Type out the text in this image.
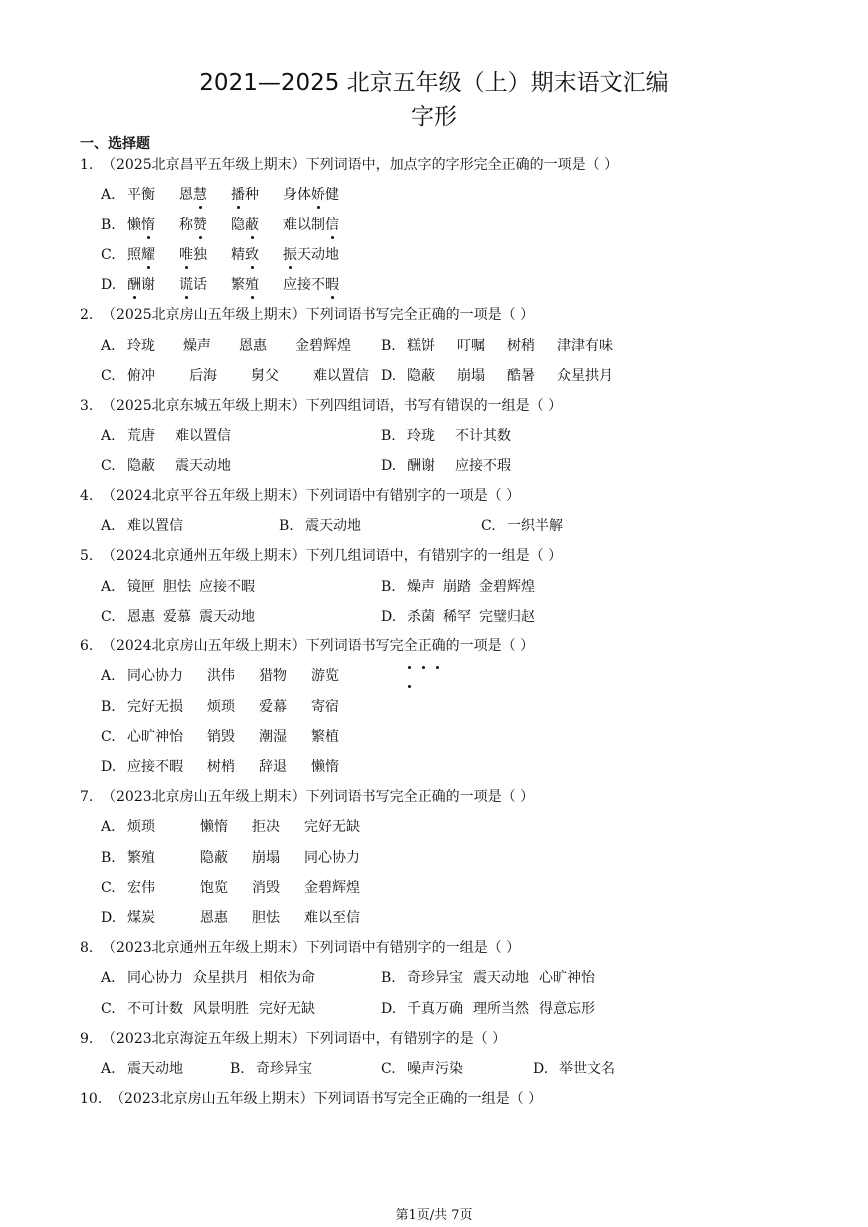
2021—2025 北京五年级（上）期末语文汇编
字形
一、选择题
1. （2025北京昌平五年级上期末）下列词语中，加点字的字形完全正确的一项是（ ）
A. 平衡 恩慧 播种 身体娇健
B. 懒惰 称赞 隐蔽 难以制信
C. 照耀 唯独 精致 振天动地
D. 酬谢 谎话 繁殖 应接不暇
2. （2025北京房山五年级上期末）下列词语书写完全正确的一项是（ ）
A. 玲珑 燥声 恩惠 金碧辉煌 B. 糕饼 叮嘱 树稍 津津有味
C. 俯冲 后海 舅父 难以置信 D. 隐蔽 崩塌 酷暑 众星拱月
3. （2025北京东城五年级上期末）下列四组词语，书写有错误的一组是（ ）
A. 荒唐 难以置信	B. 玲珑 不计其数
C. 隐蔽 震天动地	D. 酬谢 应接不瑕
4. （2024北京平谷五年级上期末）下列词语中有错别字的一项是（ ）
A. 难以置信	B. 震天动地	C. 一织半解
5. （2024北京通州五年级上期末）下列几组词语中，有错别字的一组是（ ）
A. 镜匣 胆怯 应接不暇	B. 燥声 崩踏 金碧辉煌
C. 恩惠 爱慕 震天动地	D. 杀菌 稀罕 完璧归赵
6. （2024北京房山五年级上期末）下列词语书写完全正确的一项是（ ）
A. 同心协力 洪伟 猎物 游览
B. 完好无损 烦琐 爱幕 寄宿
C. 心旷神怡 销毁 潮湿 繁植
D. 应接不暇 树梢 辞退 懒惰
7. （2023北京房山五年级上期末）下列词语书写完全正确的一项是（ ）
A. 烦琐	懒惰 拒决 完好无缺
B. 繁殖	隐蔽 崩塌 同心协力
C. 宏伟	饱览 消毁 金碧辉煌
D. 煤炭	恩惠 胆怯 难以至信
8. （2023北京通州五年级上期末）下列词语中有错别字的一组是（ ）
A. 同心协力 众星拱月 相依为命	B. 奇珍异宝 震天动地 心旷神怡
C. 不可计数 风景明胜 完好无缺	D. 千真万确 理所当然 得意忘形
9. （2023北京海淀五年级上期末）下列词语中，有错别字的是（ ）
A. 震天动地	B. 奇珍异宝	C. 噪声污染	D. 举世文名
10. （2023北京房山五年级上期末）下列词语书写完全正确的一组是（ ）
第1页/共 7页
